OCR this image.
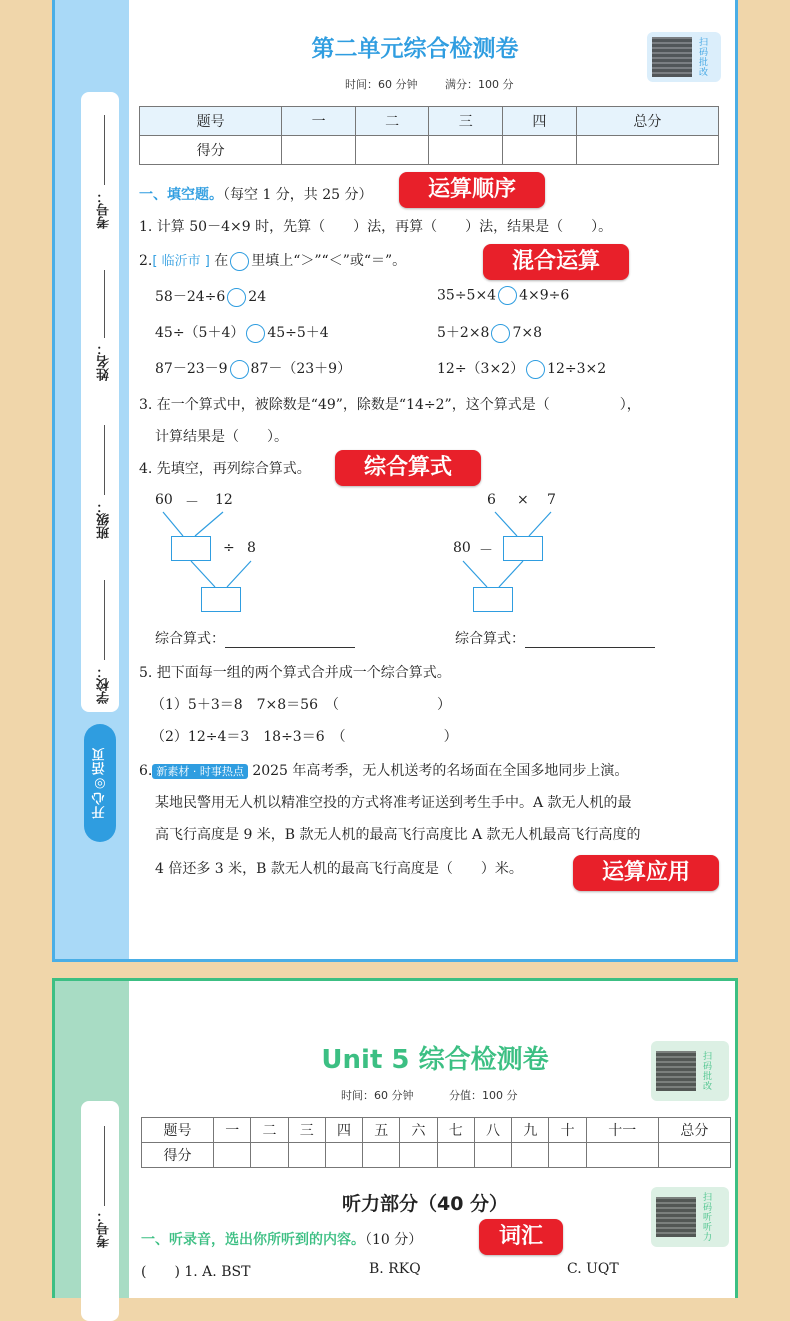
考号：
姓名：
班级：
学校：
开心◎活页
第二单元综合检测卷
时间：60 分钟	满分：100 分
扫码批改
题号	一	二	三	四	总分
得分					
一、填空题。（每空 1 分，共 25 分）	运算顺序
1. 计算 50－4×9 时，先算（　　）法，再算（　　）法，结果是（　　）。
2.[ 临沂市 ] 在 里填上“＞”“＜”或“＝”。	混合运算
58－24÷6 24	35÷5×4 4×9÷6
45÷（5＋4） 45÷5＋4	5＋2×8 7×8
87－23－9 87－（23＋9）	12÷（3×2） 12÷3×2
3. 在一个算式中，被除数是“49”，除数是“14÷2”，这个算式是（　　　　　），
计算结果是（　　）。
4. 先填空，再列综合算式。	综合算式
60 － 12
÷ 8
综合算式：
6 × 7
80 －
综合算式：
5. 把下面每一组的两个算式合并成一个综合算式。
（1）5＋3＝8　7×8＝56　（　　　　　　　）
（2）12÷4＝3　18÷3＝6　（　　　　　　　）
6. 新素材 · 时事热点 2025 年高考季，无人机送考的名场面在全国多地同步上演。
某地民警用无人机以精准空投的方式将准考证送到考生手中。A 款无人机的最
高飞行高度是 9 米，B 款无人机的最高飞行高度比 A 款无人机最高飞行高度的
4 倍还多 3 米，B 款无人机的最高飞行高度是（　　）米。	运算应用
考号：
Unit 5 综合检测卷
时间：60 分钟	分值：100 分
扫码批改
题号	一	二	三	四	五	六	七	八	九	十	十一	总分
得分												
听力部分（40 分）	扫码听听力
一、听录音，选出你所听到的内容。（10 分）	词汇
(　　) 1. A. BST	B. RKQ	C. UQT
